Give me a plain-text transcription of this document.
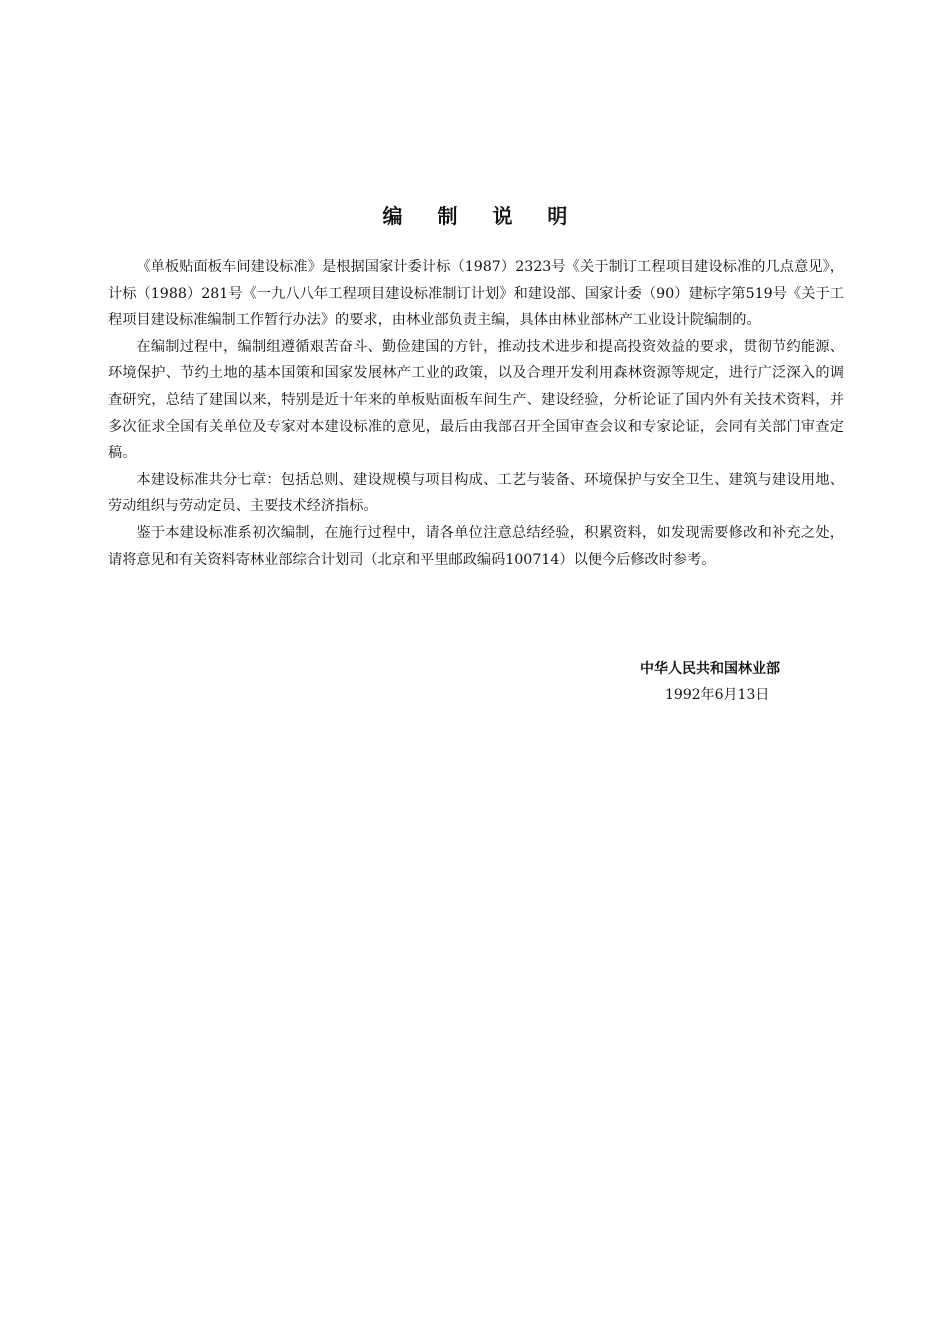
编 制 说 明

《单板贴面板车间建设标准》是根据国家计委计标（1987）2323号《关于制订工程项目建设标准的几点意见》，计标（1988）281号《一九八八年工程项目建设标准制订计划》和建设部、国家计委（90）建标字第519号《关于工程项目建设标准编制工作暂行办法》的要求，由林业部负责主编，具体由林业部林产工业设计院编制的。

在编制过程中，编制组遵循艰苦奋斗、勤俭建国的方针，推动技术进步和提高投资效益的要求，贯彻节约能源、环境保护、节约土地的基本国策和国家发展林产工业的政策，以及合理开发利用森林资源等规定，进行广泛深入的调查研究，总结了建国以来，特别是近十年来的单板贴面板车间生产、建设经验，分析论证了国内外有关技术资料，并多次征求全国有关单位及专家对本建设标准的意见，最后由我部召开全国审查会议和专家论证，会同有关部门审查定稿。

本建设标准共分七章：包括总则、建设规模与项目构成、工艺与装备、环境保护与安全卫生、建筑与建设用地、劳动组织与劳动定员、主要技术经济指标。

鉴于本建设标准系初次编制，在施行过程中，请各单位注意总结经验，积累资料，如发现需要修改和补充之处，请将意见和有关资料寄林业部综合计划司（北京和平里邮政编码100714）以便今后修改时参考。

中华人民共和国林业部
1992年6月13日
